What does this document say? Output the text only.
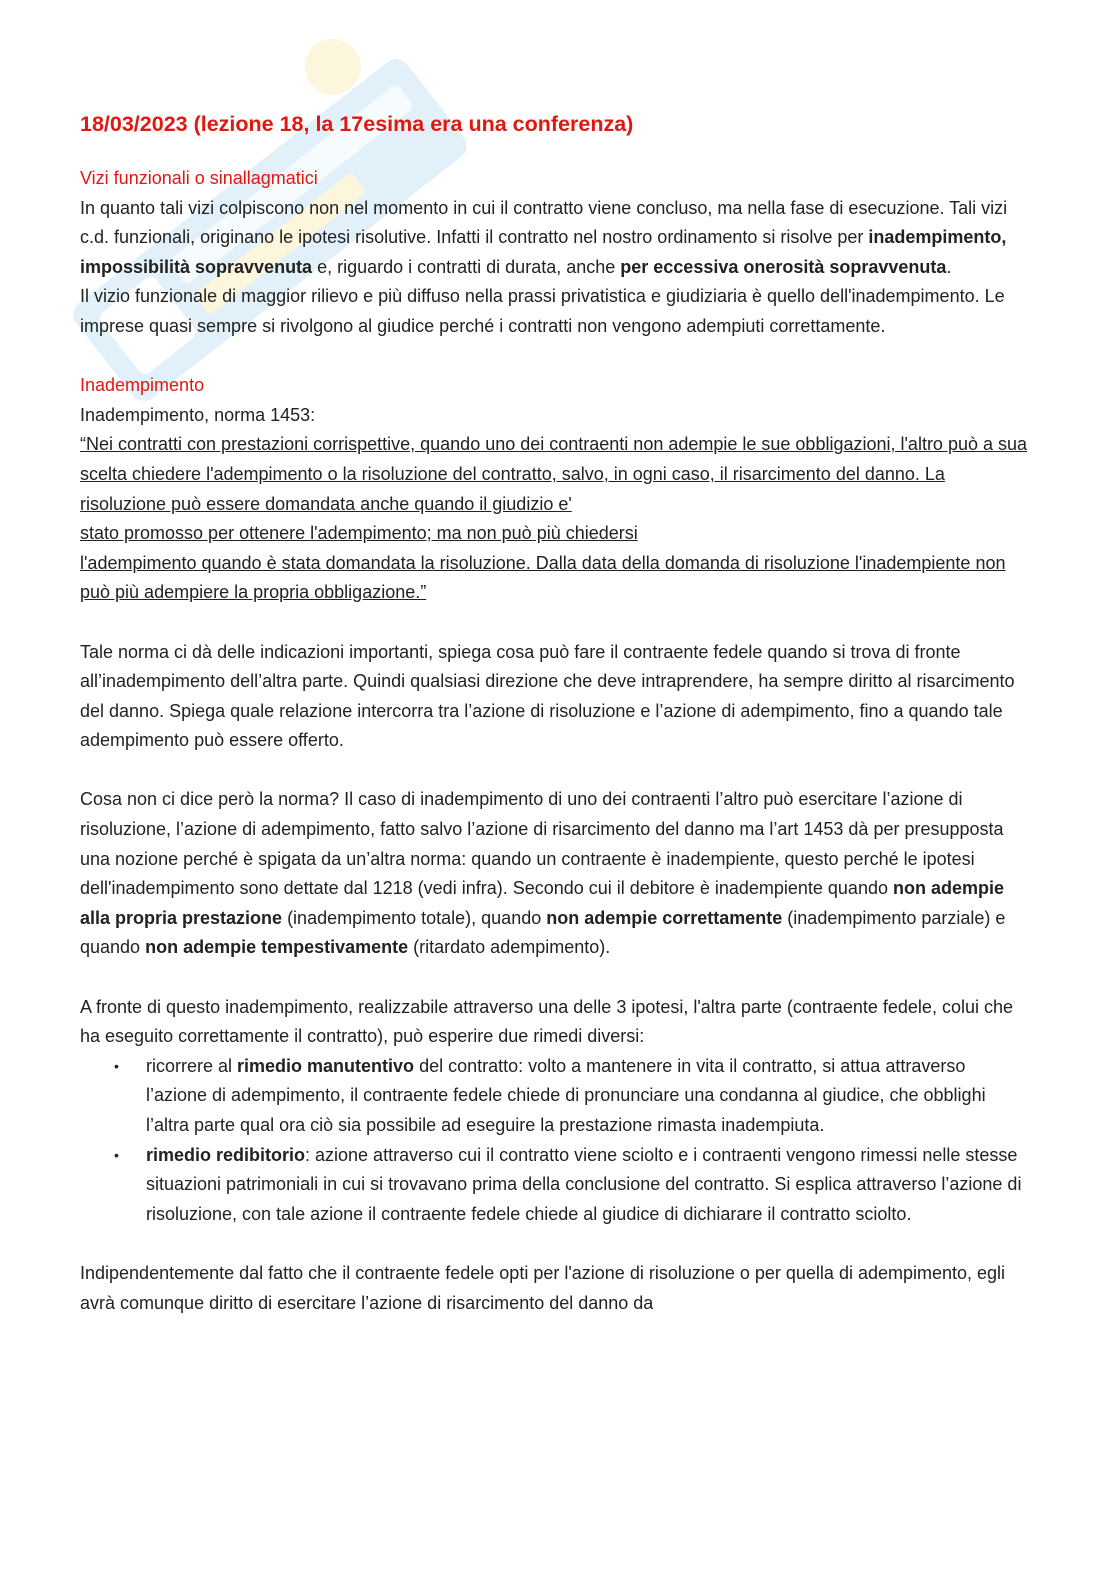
18/03/2023 (lezione 18, la 17esima era una conferenza)

Vizi funzionali o sinallagmatici

In quanto tali vizi colpiscono non nel momento in cui il contratto viene concluso, ma nella fase di esecuzione. Tali vizi c.d. funzionali, originano le ipotesi risolutive. Infatti il contratto nel nostro ordinamento si risolve per inadempimento, impossibilità sopravvenuta e, riguardo i contratti di durata, anche per eccessiva onerosità sopravvenuta.

Il vizio funzionale di maggior rilievo e più diffuso nella prassi privatistica e giudiziaria è quello dell'inadempimento. Le imprese quasi sempre si rivolgono al giudice perché i contratti non vengono adempiuti correttamente.

Inadempimento

Inadempimento, norma 1453:

“Nei contratti con prestazioni corrispettive, quando uno dei contraenti non adempie le sue obbligazioni, l'altro può a sua scelta chiedere l'adempimento o la risoluzione del contratto, salvo, in ogni caso, il risarcimento del danno. La risoluzione può essere domandata anche quando il giudizio e'

stato promosso per ottenere l'adempimento; ma non può più chiedersi

l'adempimento quando è stata domandata la risoluzione. Dalla data della domanda di risoluzione l'inadempiente non può più adempiere la propria obbligazione.”

Tale norma ci dà delle indicazioni importanti, spiega cosa può fare il contraente fedele quando si trova di fronte all’inadempimento dell’altra parte. Quindi qualsiasi direzione che deve intraprendere, ha sempre diritto al risarcimento del danno. Spiega quale relazione intercorra tra l’azione di risoluzione e l’azione di adempimento, fino a quando tale adempimento può essere offerto.

Cosa non ci dice però la norma? Il caso di inadempimento di uno dei contraenti l’altro può esercitare l’azione di risoluzione, l’azione di adempimento, fatto salvo l’azione di risarcimento del danno ma l’art 1453 dà per presupposta una nozione perché è spigata da un’altra norma: quando un contraente è inadempiente, questo perché le ipotesi dell'inadempimento sono dettate dal 1218 (vedi infra). Secondo cui il debitore è inadempiente quando non adempie alla propria prestazione (inadempimento totale), quando non adempie correttamente (inadempimento parziale) e quando non adempie tempestivamente (ritardato adempimento).

A fronte di questo inadempimento, realizzabile attraverso una delle 3 ipotesi, l'altra parte (contraente fedele, colui che ha eseguito correttamente il contratto), può esperire due rimedi diversi:

• ricorrere al rimedio manutentivo del contratto: volto a mantenere in vita il contratto, si attua attraverso l’azione di adempimento, il contraente fedele chiede di pronunciare una condanna al giudice, che obblighi l’altra parte qual ora ciò sia possibile ad eseguire la prestazione rimasta inadempiuta.
• rimedio redibitorio: azione attraverso cui il contratto viene sciolto e i contraenti vengono rimessi nelle stesse situazioni patrimoniali in cui si trovavano prima della conclusione del contratto. Si esplica attraverso l’azione di risoluzione, con tale azione il contraente fedele chiede al giudice di dichiarare il contratto sciolto.

Indipendentemente dal fatto che il contraente fedele opti per l'azione di risoluzione o per quella di adempimento, egli avrà comunque diritto di esercitare l’azione di risarcimento del danno da
